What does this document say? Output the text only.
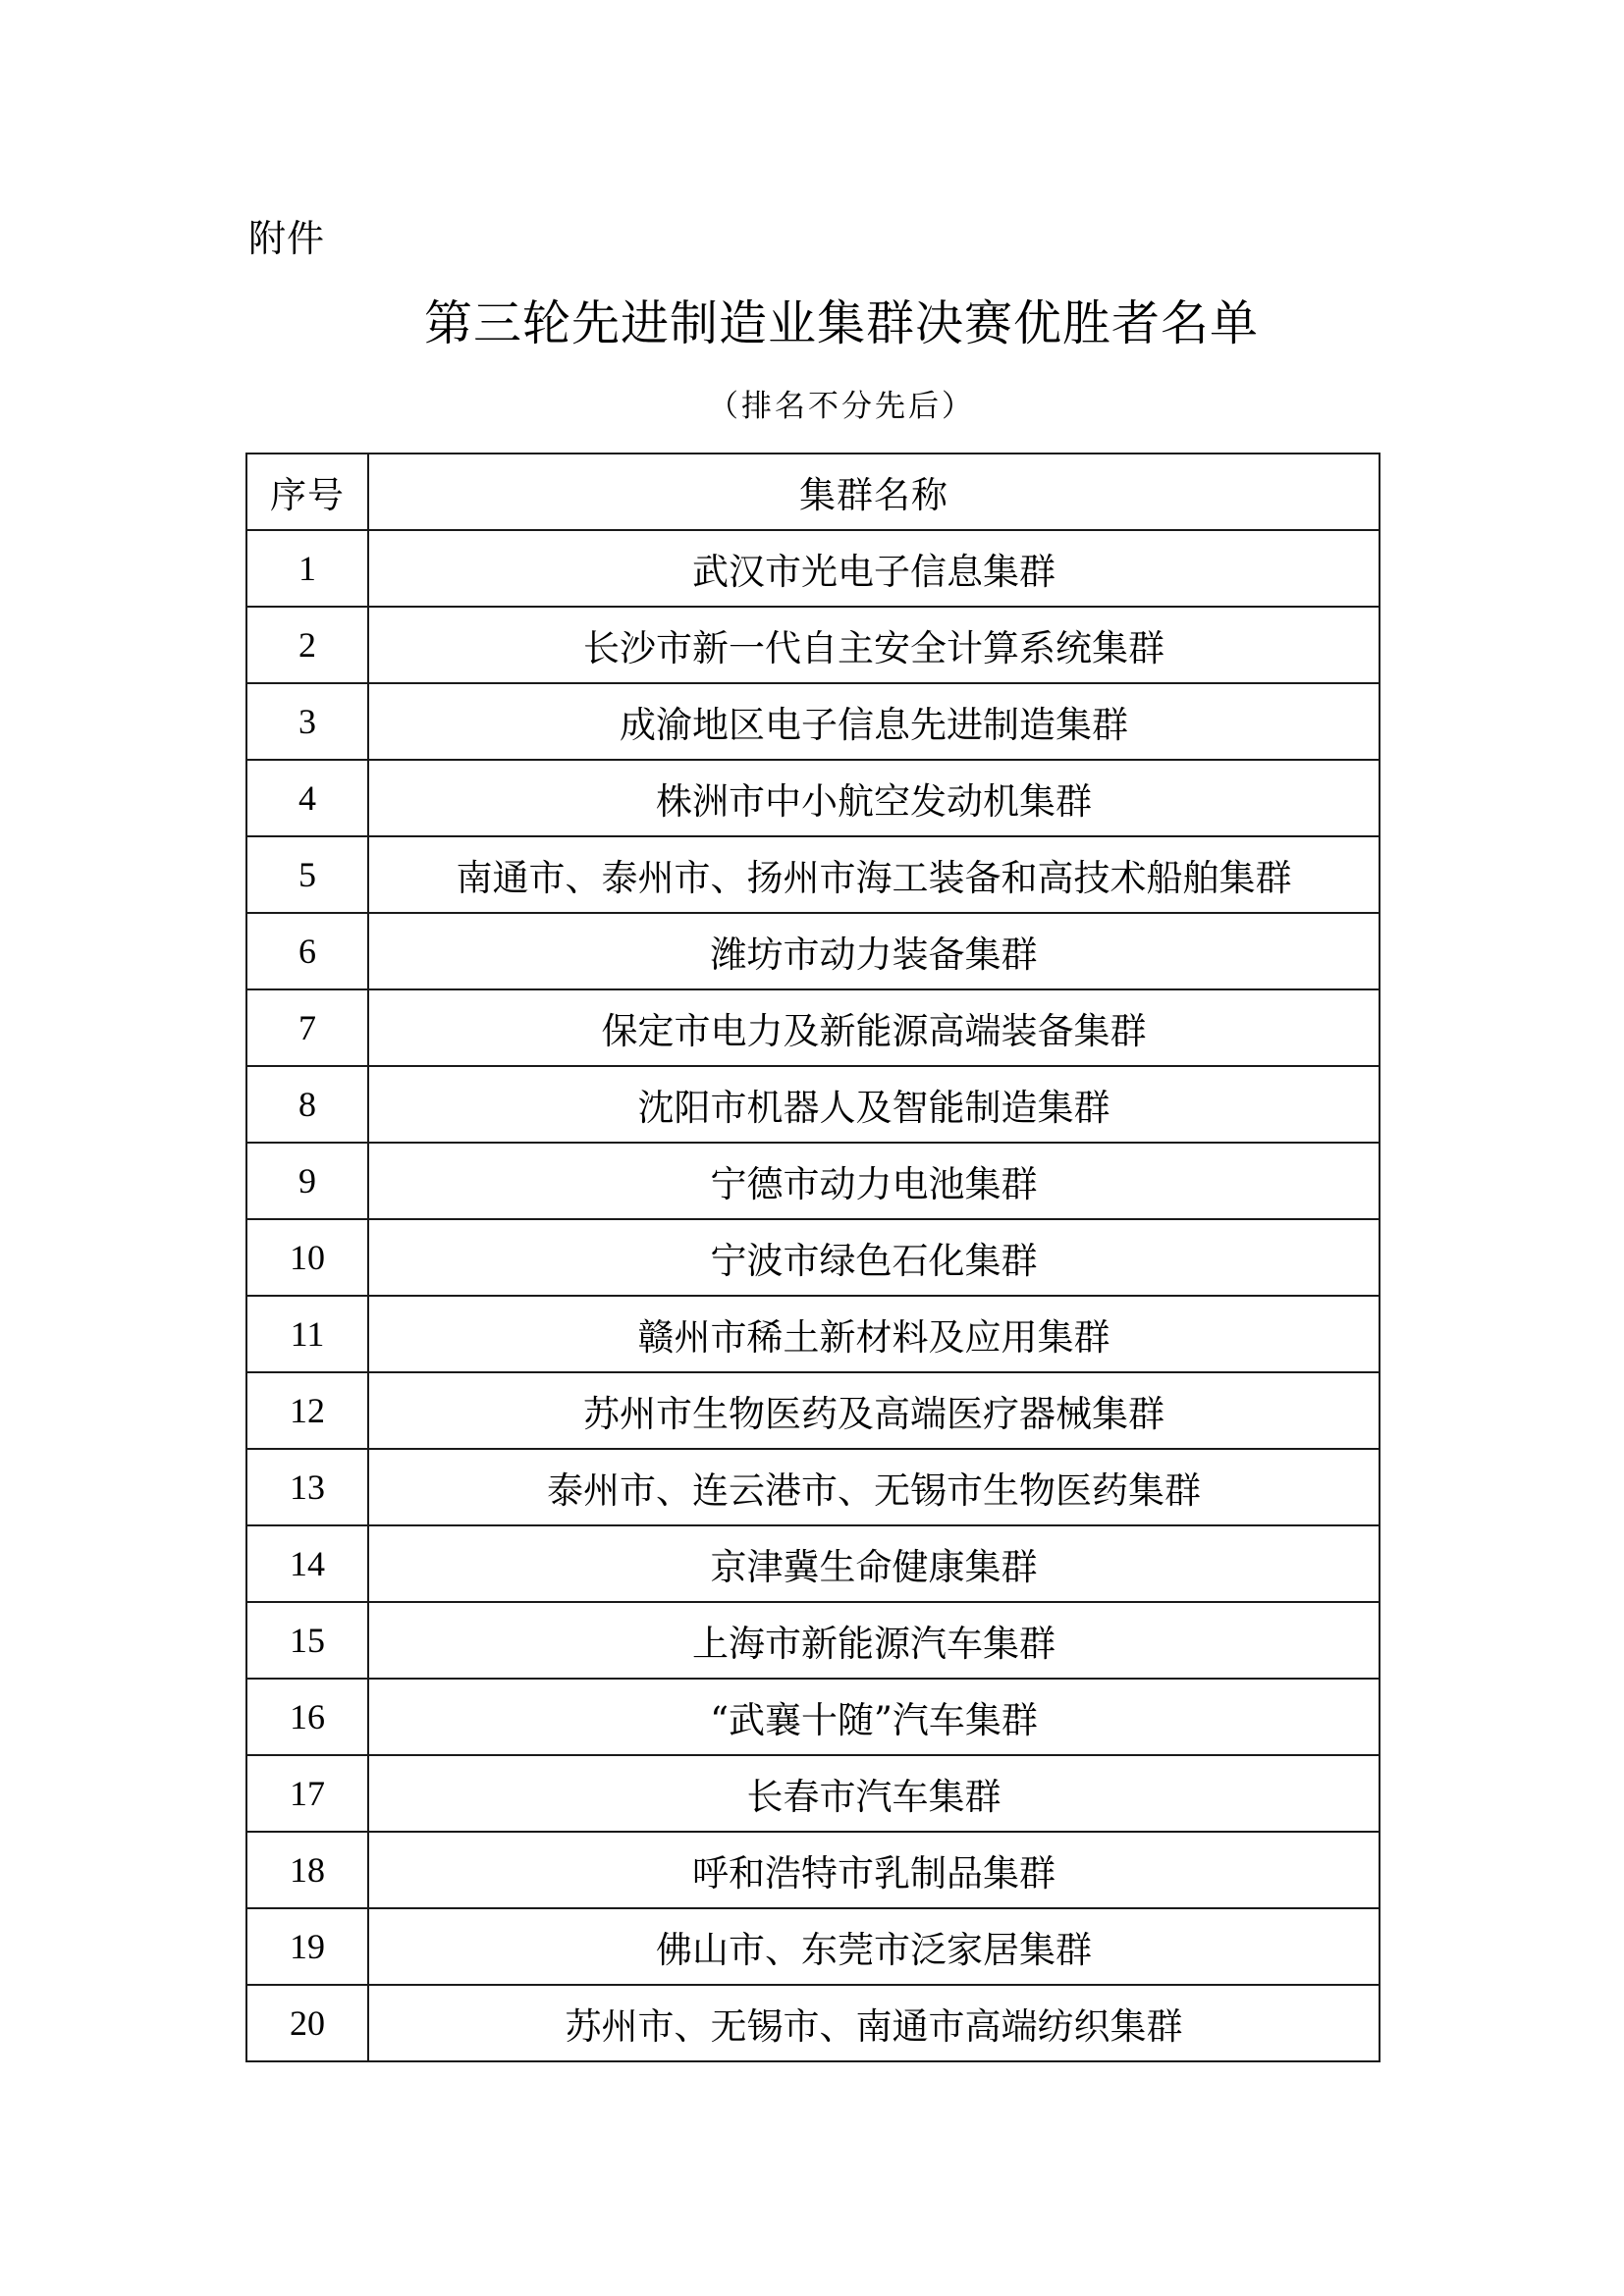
附件
第三轮先进制造业集群决赛优胜者名单
（排名不分先后）
序号	集群名称
1	武汉市光电子信息集群
2	长沙市新一代自主安全计算系统集群
3	成渝地区电子信息先进制造集群
4	株洲市中小航空发动机集群
5	南通市、泰州市、扬州市海工装备和高技术船舶集群
6	潍坊市动力装备集群
7	保定市电力及新能源高端装备集群
8	沈阳市机器人及智能制造集群
9	宁德市动力电池集群
10	宁波市绿色石化集群
11	赣州市稀土新材料及应用集群
12	苏州市生物医药及高端医疗器械集群
13	泰州市、连云港市、无锡市生物医药集群
14	京津冀生命健康集群
15	上海市新能源汽车集群
16	“武襄十随”汽车集群
17	长春市汽车集群
18	呼和浩特市乳制品集群
19	佛山市、东莞市泛家居集群
20	苏州市、无锡市、南通市高端纺织集群
